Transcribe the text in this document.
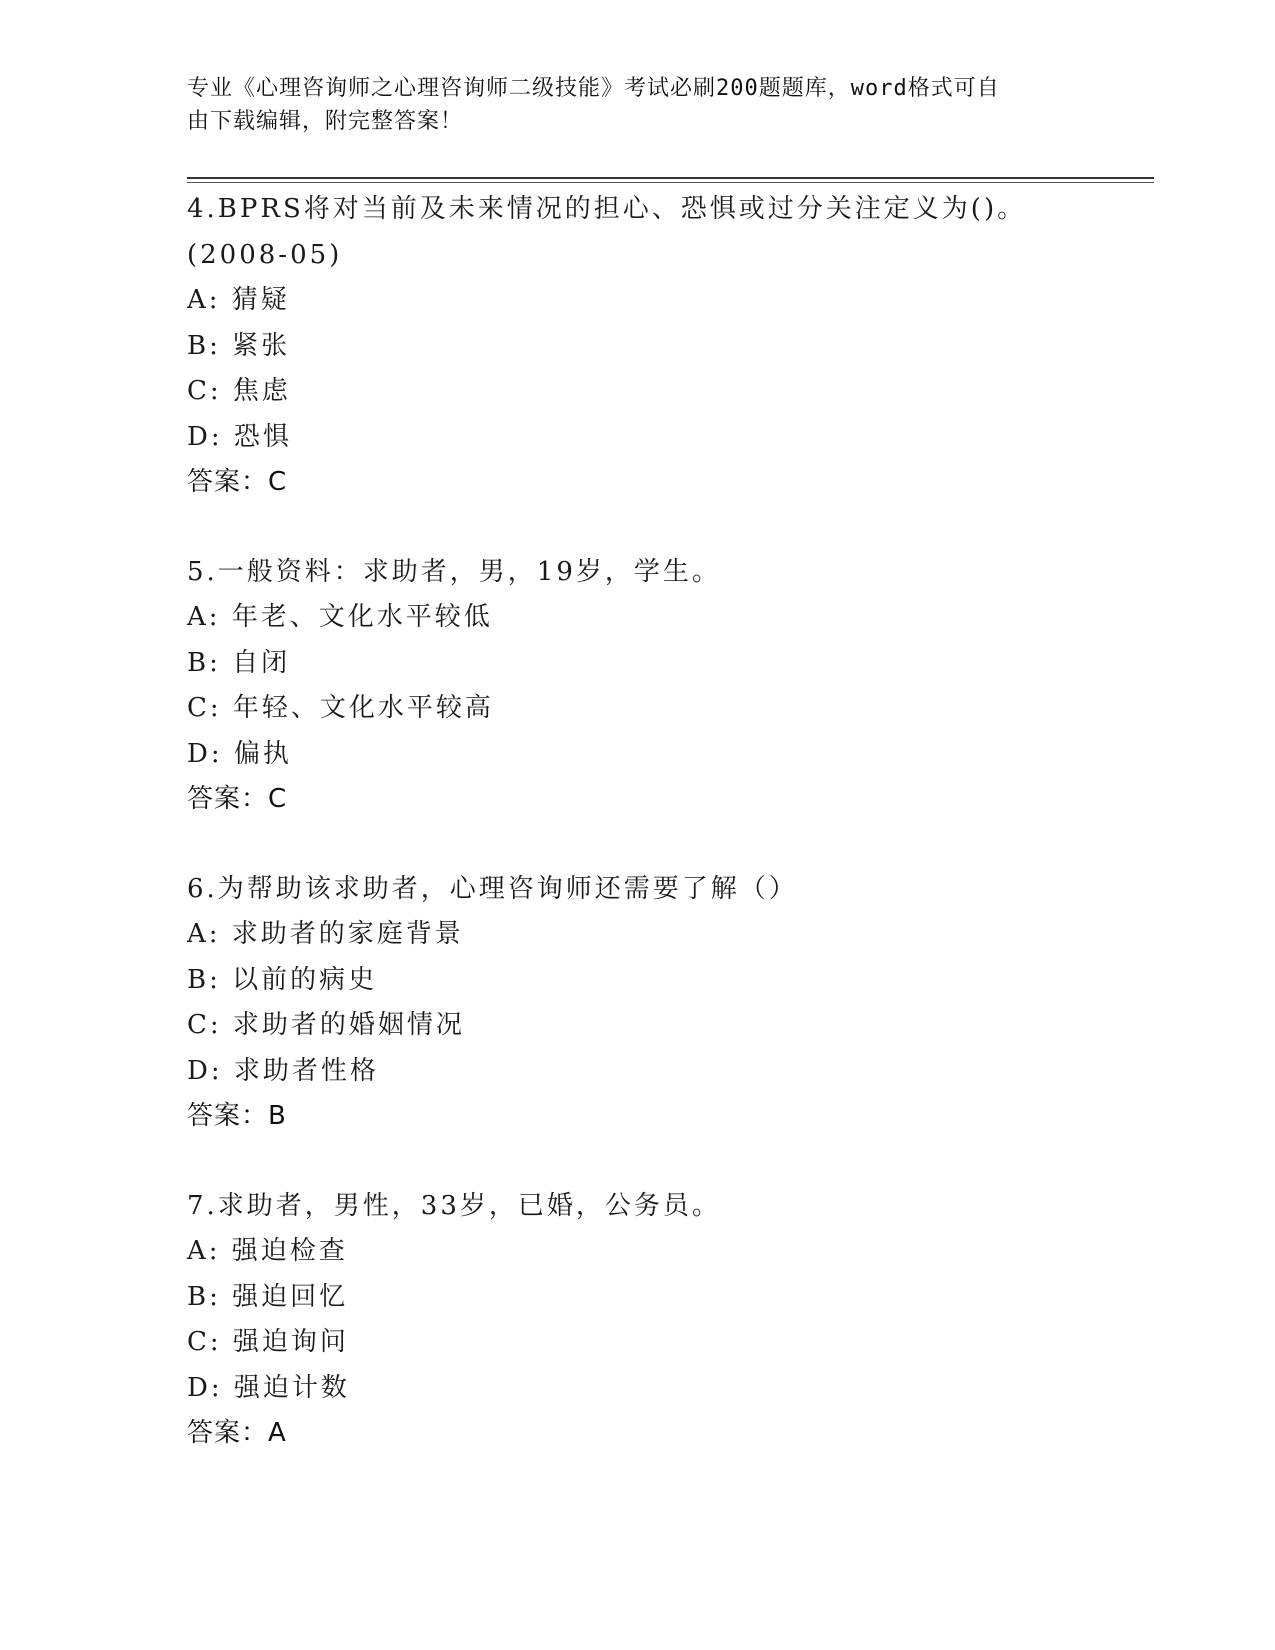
专业《心理咨询师之心理咨询师二级技能》考试必刷200题题库，word格式可自
由下载编辑，附完整答案！
4.BPRS将对当前及未来情况的担心、恐惧或过分关注定义为()。
(2008-05)
A: 猜疑
B: 紧张
C: 焦虑
D: 恐惧
答案：C
5.一般资料：求助者，男，19岁，学生。
A: 年老、文化水平较低
B: 自闭
C: 年轻、文化水平较高
D: 偏执
答案：C
6.为帮助该求助者，心理咨询师还需要了解（）
A: 求助者的家庭背景
B: 以前的病史
C: 求助者的婚姻情况
D: 求助者性格
答案：B
7.求助者，男性，33岁，已婚，公务员。
A: 强迫检查
B: 强迫回忆
C: 强迫询问
D: 强迫计数
答案：A
